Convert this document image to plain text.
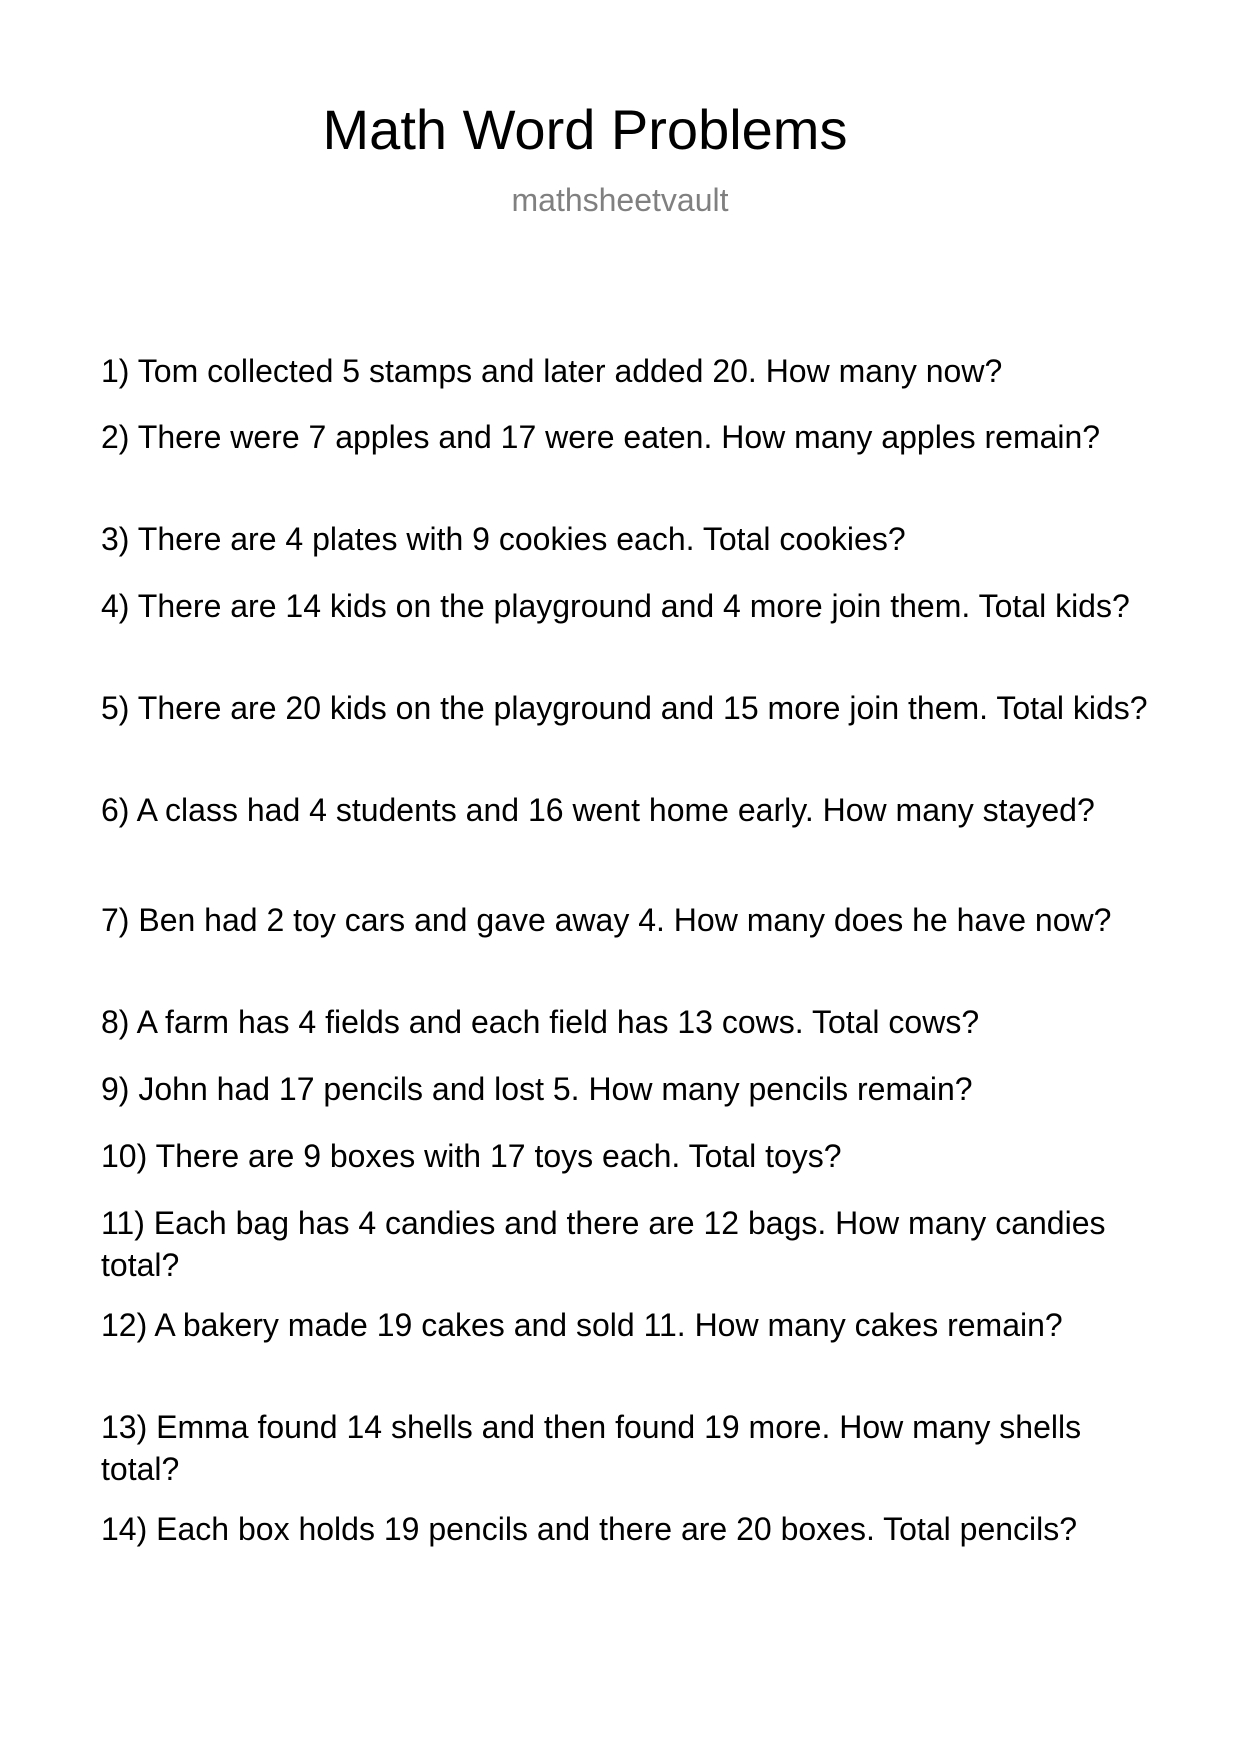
Math Word Problems
mathsheetvault

1) Tom collected 5 stamps and later added 20. How many now?

2) There were 7 apples and 17 were eaten. How many apples remain?

3) There are 4 plates with 9 cookies each. Total cookies?

4) There are 14 kids on the playground and 4 more join them. Total kids?

5) There are 20 kids on the playground and 15 more join them. Total kids?

6) A class had 4 students and 16 went home early. How many stayed?

7) Ben had 2 toy cars and gave away 4. How many does he have now?

8) A farm has 4 fields and each field has 13 cows. Total cows?

9) John had 17 pencils and lost 5. How many pencils remain?

10) There are 9 boxes with 17 toys each. Total toys?

11) Each bag has 4 candies and there are 12 bags. How many candies total?

12) A bakery made 19 cakes and sold 11. How many cakes remain?

13) Emma found 14 shells and then found 19 more. How many shells total?

14) Each box holds 19 pencils and there are 20 boxes. Total pencils?
